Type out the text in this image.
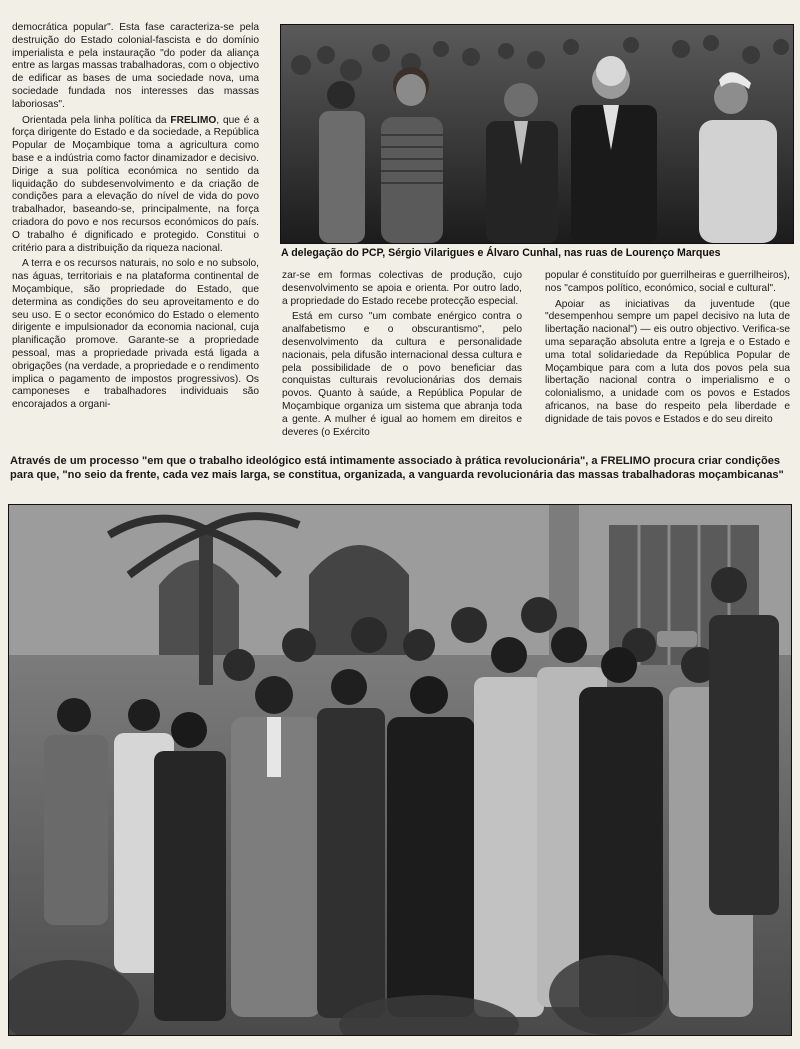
democrática popular". Esta fase caracteriza-se pela destruição do Estado colonial-fascista e do domínio imperialista e pela instauração "do poder da aliança entre as largas massas trabalhadoras, com o objectivo de edificar as bases de uma sociedade nova, uma sociedade fundada nos interesses das massas laboriosas".

Orientada pela linha política da FRELIMO, que é a força dirigente do Estado e da sociedade, a República Popular de Moçambique toma a agricultura como base e a indústria como factor dinamizador e decisivo. Dirige a sua política económica no sentido da liquidação do subdesenvolvimento e da criação de condições para a elevação do nível de vida do povo trabalhador, baseando-se, principalmente, na força criadora do povo e nos recursos económicos do país. O trabalho é dignificado e protegido. Constitui o critério para a distribuição da riqueza nacional.

A terra e os recursos naturais, no solo e no subsolo, nas águas, territoriais e na plataforma continental de Moçambique, são propriedade do Estado, que determina as condições do seu aproveitamento e do seu uso. E o sector económico do Estado o elemento dirigente e impulsionador da economia nacional, cuja planificação promove. Garante-se a propriedade pessoal, mas a propriedade privada está ligada a obrigações (na verdade, a propriedade e o rendimento implica o pagamento de impostos progressivos). Os camponeses e trabalhadores individuais são encorajados a organi-

A delegação do PCP, Sérgio Vilarigues e Álvaro Cunhal, nas ruas de Lourenço Marques

zar-se em formas colectivas de produção, cujo desenvolvimento se apoia e orienta. Por outro lado, a propriedade do Estado recebe protecção especial.

Está em curso "um combate enérgico contra o analfabetismo e o obscurantismo", pelo desenvolvimento da cultura e personalidade nacionais, pela difusão internacional dessa cultura e pela possibilidade de o povo beneficiar das conquistas culturais revolucionárias dos demais povos. Quanto à saúde, a República Popular de Moçambique organiza um sistema que abranja toda a gente. A mulher é igual ao homem em direitos e deveres (o Exército

popular é constituído por guerrilheiras e guerrilheiros), nos "campos político, económico, social e cultural".

Apoiar as iniciativas da juventude (que "desempenhou sempre um papel decisivo na luta de libertação nacional") — eis outro objectivo. Verifica-se uma separação absoluta entre a Igreja e o Estado e uma total solidariedade da República Popular de Moçambique para com a luta dos povos pela sua libertação nacional contra o imperialismo e o colonialismo, a unidade com os povos e Estados africanos, na base do respeito pela liberdade e dignidade de tais povos e Estados e do seu direito

Através de um processo "em que o trabalho ideológico está intimamente associado à prática revolucionária", a FRELIMO procura criar condições para que, "no seio da frente, cada vez mais larga, se constitua, organizada, a vanguarda revolucionária das massas trabalhadoras moçambicanas"
